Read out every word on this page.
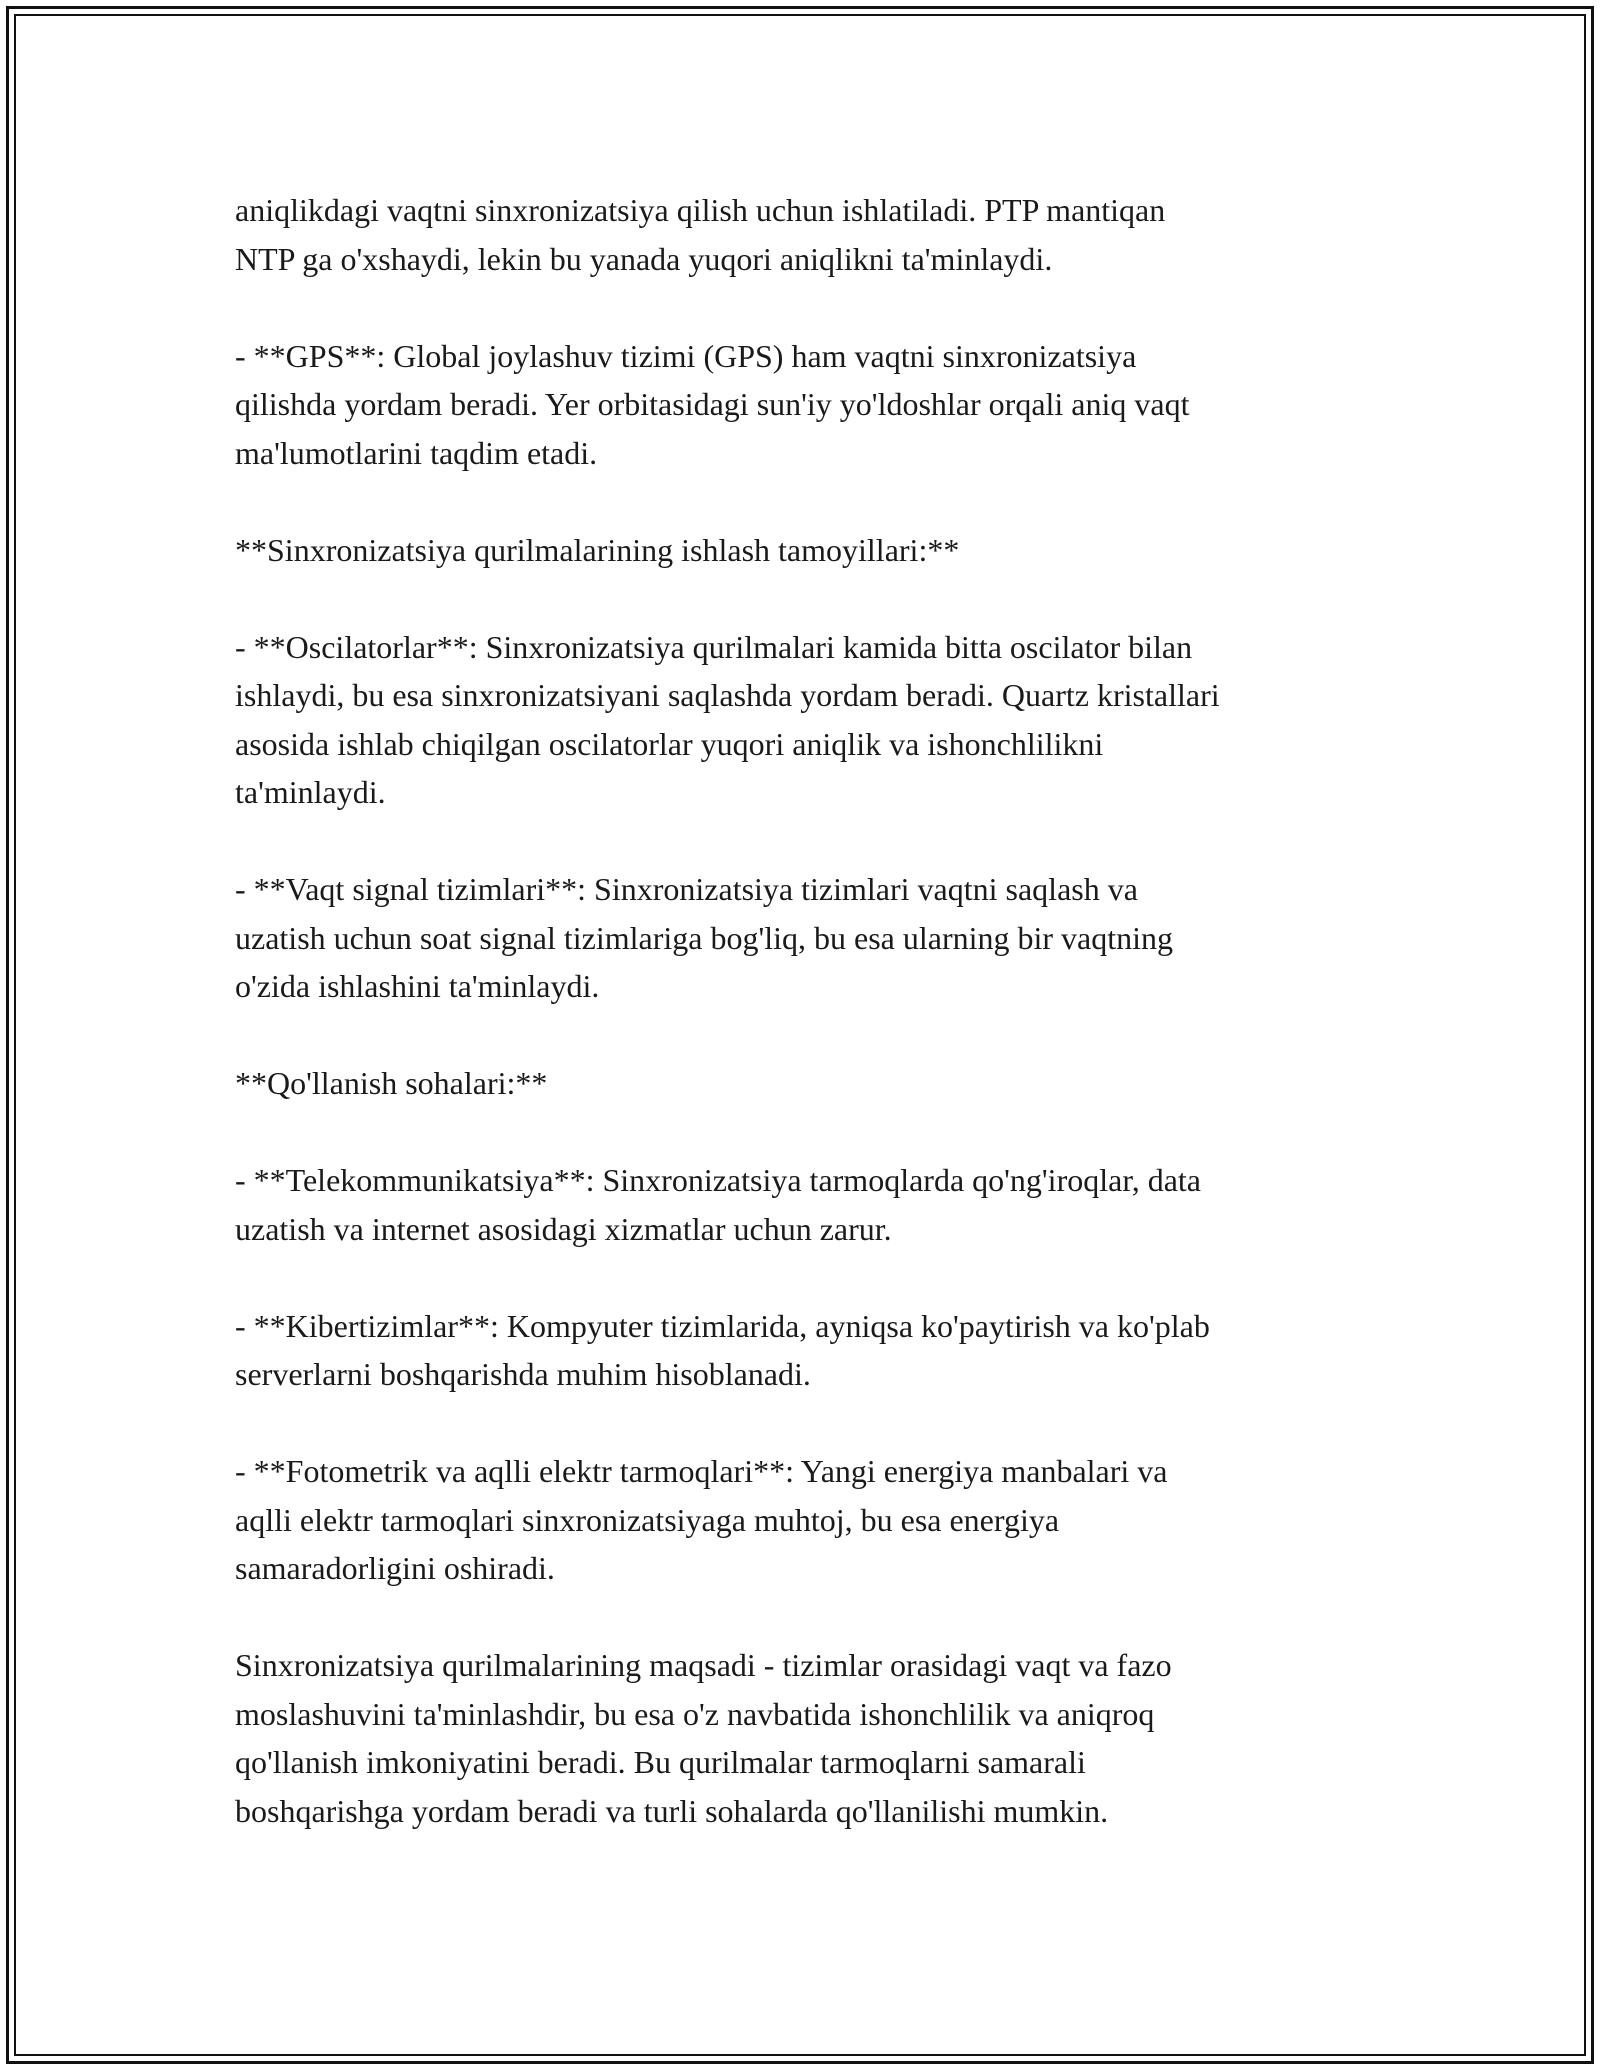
aniqlikdagi vaqtni sinxronizatsiya qilish uchun ishlatiladi. PTP mantiqan
NTP ga o'xshaydi, lekin bu yanada yuqori aniqlikni ta'minlaydi.

- **GPS**: Global joylashuv tizimi (GPS) ham vaqtni sinxronizatsiya
qilishda yordam beradi. Yer orbitasidagi sun'iy yo'ldoshlar orqali aniq vaqt
ma'lumotlarini taqdim etadi.

**Sinxronizatsiya qurilmalarining ishlash tamoyillari:**

- **Oscilatorlar**: Sinxronizatsiya qurilmalari kamida bitta oscilator bilan
ishlaydi, bu esa sinxronizatsiyani saqlashda yordam beradi. Quartz kristallari
asosida ishlab chiqilgan oscilatorlar yuqori aniqlik va ishonchlilikni
ta'minlaydi.

- **Vaqt signal tizimlari**: Sinxronizatsiya tizimlari vaqtni saqlash va
uzatish uchun soat signal tizimlariga bog'liq, bu esa ularning bir vaqtning
o'zida ishlashini ta'minlaydi.

**Qo'llanish sohalari:**

- **Telekommunikatsiya**: Sinxronizatsiya tarmoqlarda qo'ng'iroqlar, data
uzatish va internet asosidagi xizmatlar uchun zarur.

- **Kibertizimlar**: Kompyuter tizimlarida, ayniqsa ko'paytirish va ko'plab
serverlarni boshqarishda muhim hisoblanadi.

- **Fotometrik va aqlli elektr tarmoqlari**: Yangi energiya manbalari va
aqlli elektr tarmoqlari sinxronizatsiyaga muhtoj, bu esa energiya
samaradorligini oshiradi.

Sinxronizatsiya qurilmalarining maqsadi - tizimlar orasidagi vaqt va fazo
moslashuvini ta'minlashdir, bu esa o'z navbatida ishonchlilik va aniqroq
qo'llanish imkoniyatini beradi. Bu qurilmalar tarmoqlarni samarali
boshqarishga yordam beradi va turli sohalarda qo'llanilishi mumkin.
